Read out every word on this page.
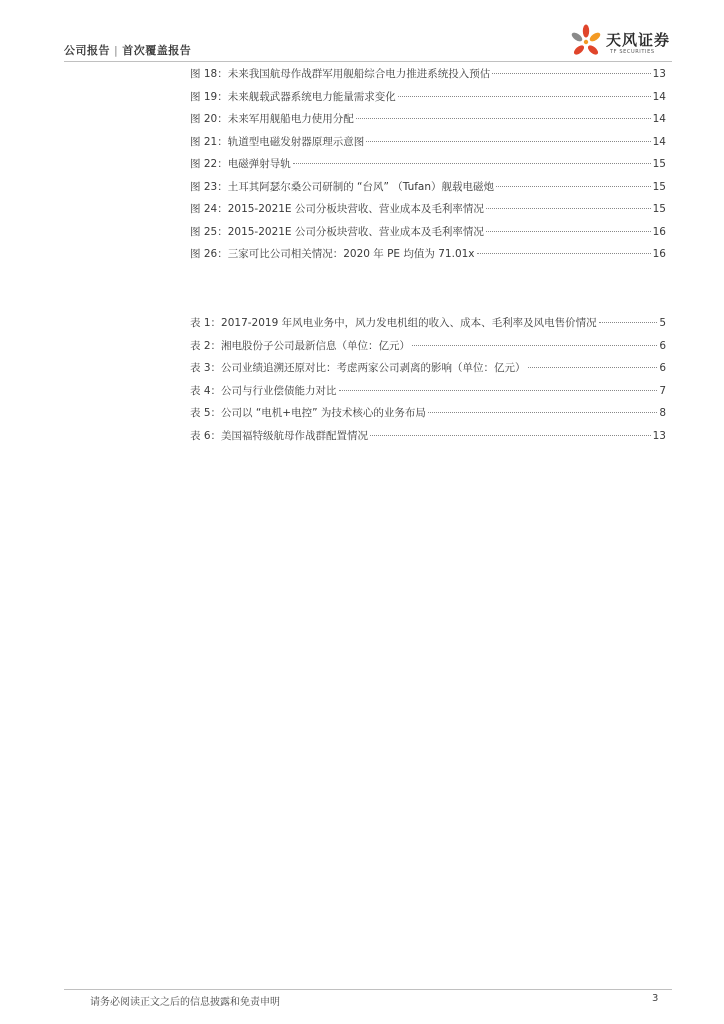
公司报告 | 首次覆盖报告
天风证券
TF SECURITIES
图 18： 未来我国航母作战群军用舰船综合电力推进系统投入预估	13
图 19： 未来舰载武器系统电力能量需求变化	14
图 20： 未来军用舰船电力使用分配	14
图 21： 轨道型电磁发射器原理示意图	14
图 22： 电磁弹射导轨	15
图 23： 土耳其阿瑟尔桑公司研制的 “台风” （Tufan）舰载电磁炮	15
图 24： 2015-2021E 公司分板块营收、营业成本及毛利率情况	15
图 25： 2015-2021E 公司分板块营收、营业成本及毛利率情况	16
图 26： 三家可比公司相关情况：2020 年 PE 均值为 71.01x	16
表 1： 2017-2019 年风电业务中，风力发电机组的收入、成本、毛利率及风电售价情况	5
表 2： 湘电股份子公司最新信息（单位：亿元）	6
表 3： 公司业绩追溯还原对比：考虑两家公司剥离的影响（单位：亿元）	6
表 4： 公司与行业偿债能力对比	7
表 5： 公司以 “电机+电控” 为技术核心的业务布局	8
表 6： 美国福特级航母作战群配置情况	13
请务必阅读正文之后的信息披露和免责申明	3
